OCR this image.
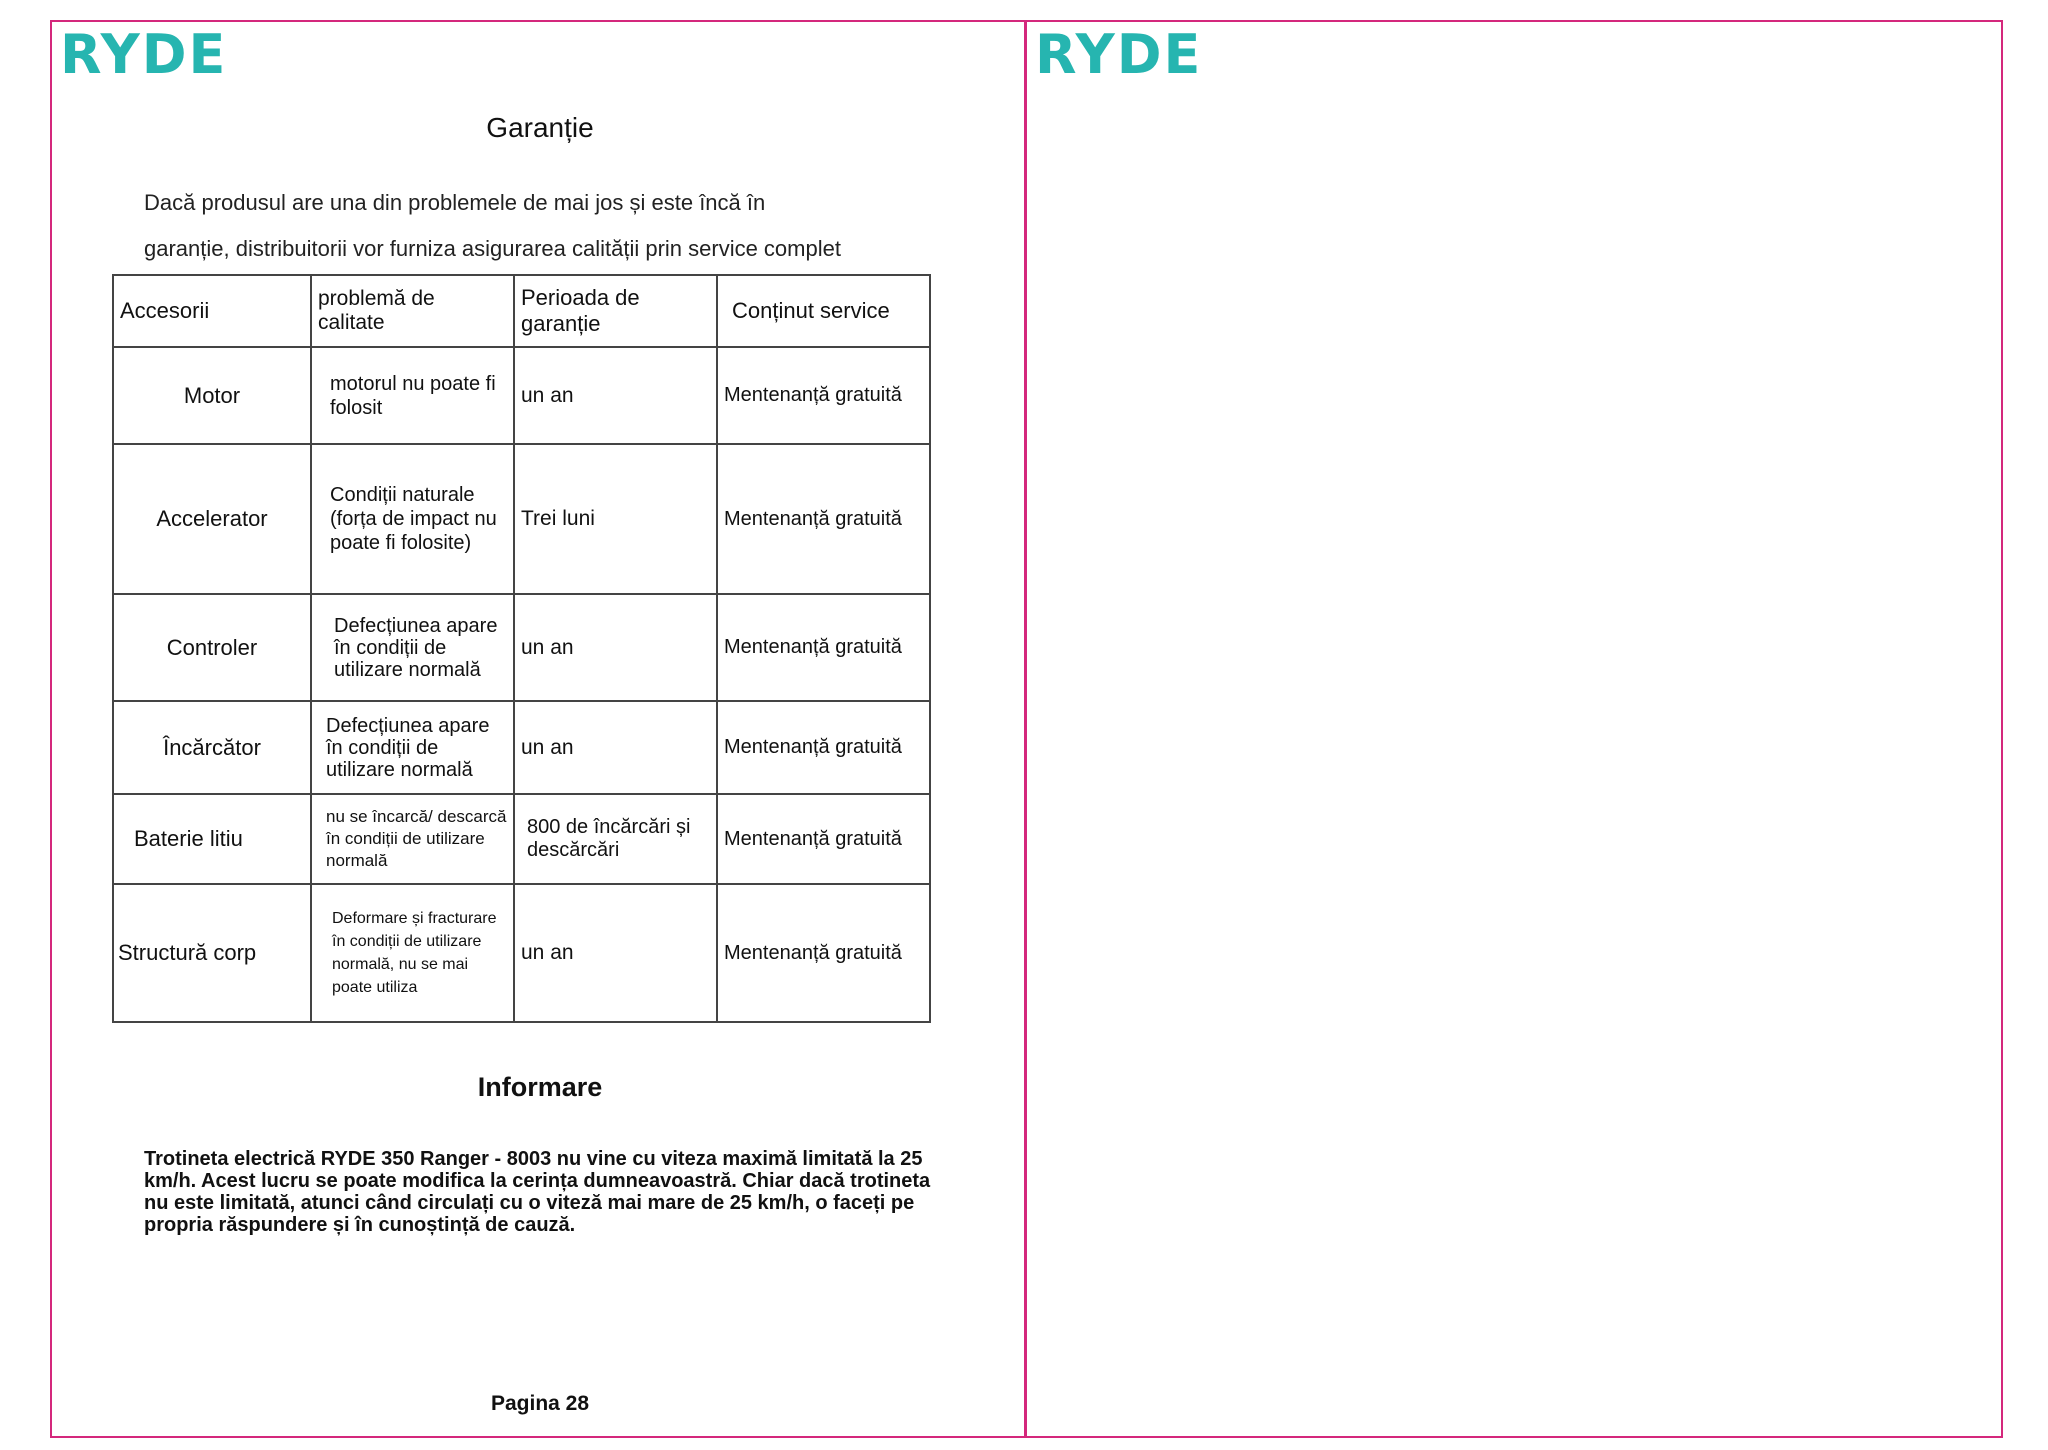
RYDE
Garanție
Dacă produsul are una din problemele de mai jos și este încă în
garanție, distribuitorii vor furniza asigurarea calității prin service complet
Accesorii	problemă de calitate	Perioada de garanție	Conținut service
Motor	motorul nu poate fi folosit	un an	Mentenanță gratuită
Accelerator	Condiții naturale (forța de impact nu poate fi folosite)	Trei luni	Mentenanță gratuită
Controler	Defecțiunea apare în condiții de utilizare normală	un an	Mentenanță gratuită
Încărcător	Defecțiunea apare în condiții de utilizare normală	un an	Mentenanță gratuită
Baterie litiu	nu se încarcă/ descarcă în condiții de utilizare normală	800 de încărcări și descărcări	Mentenanță gratuită
Structură corp	Deformare și fracturare în condiții de utilizare normală, nu se mai poate utiliza	un an	Mentenanță gratuită
Informare
Trotineta electrică RYDE 350 Ranger - 8003 nu vine cu viteza maximă limitată la 25 km/h. Acest lucru se poate modifica la cerința dumneavoastră. Chiar dacă trotineta nu este limitată, atunci când circulați cu o viteză mai mare de 25 km/h, o faceți pe propria răspundere și în cunoștință de cauză.
Pagina 28
RYDE
